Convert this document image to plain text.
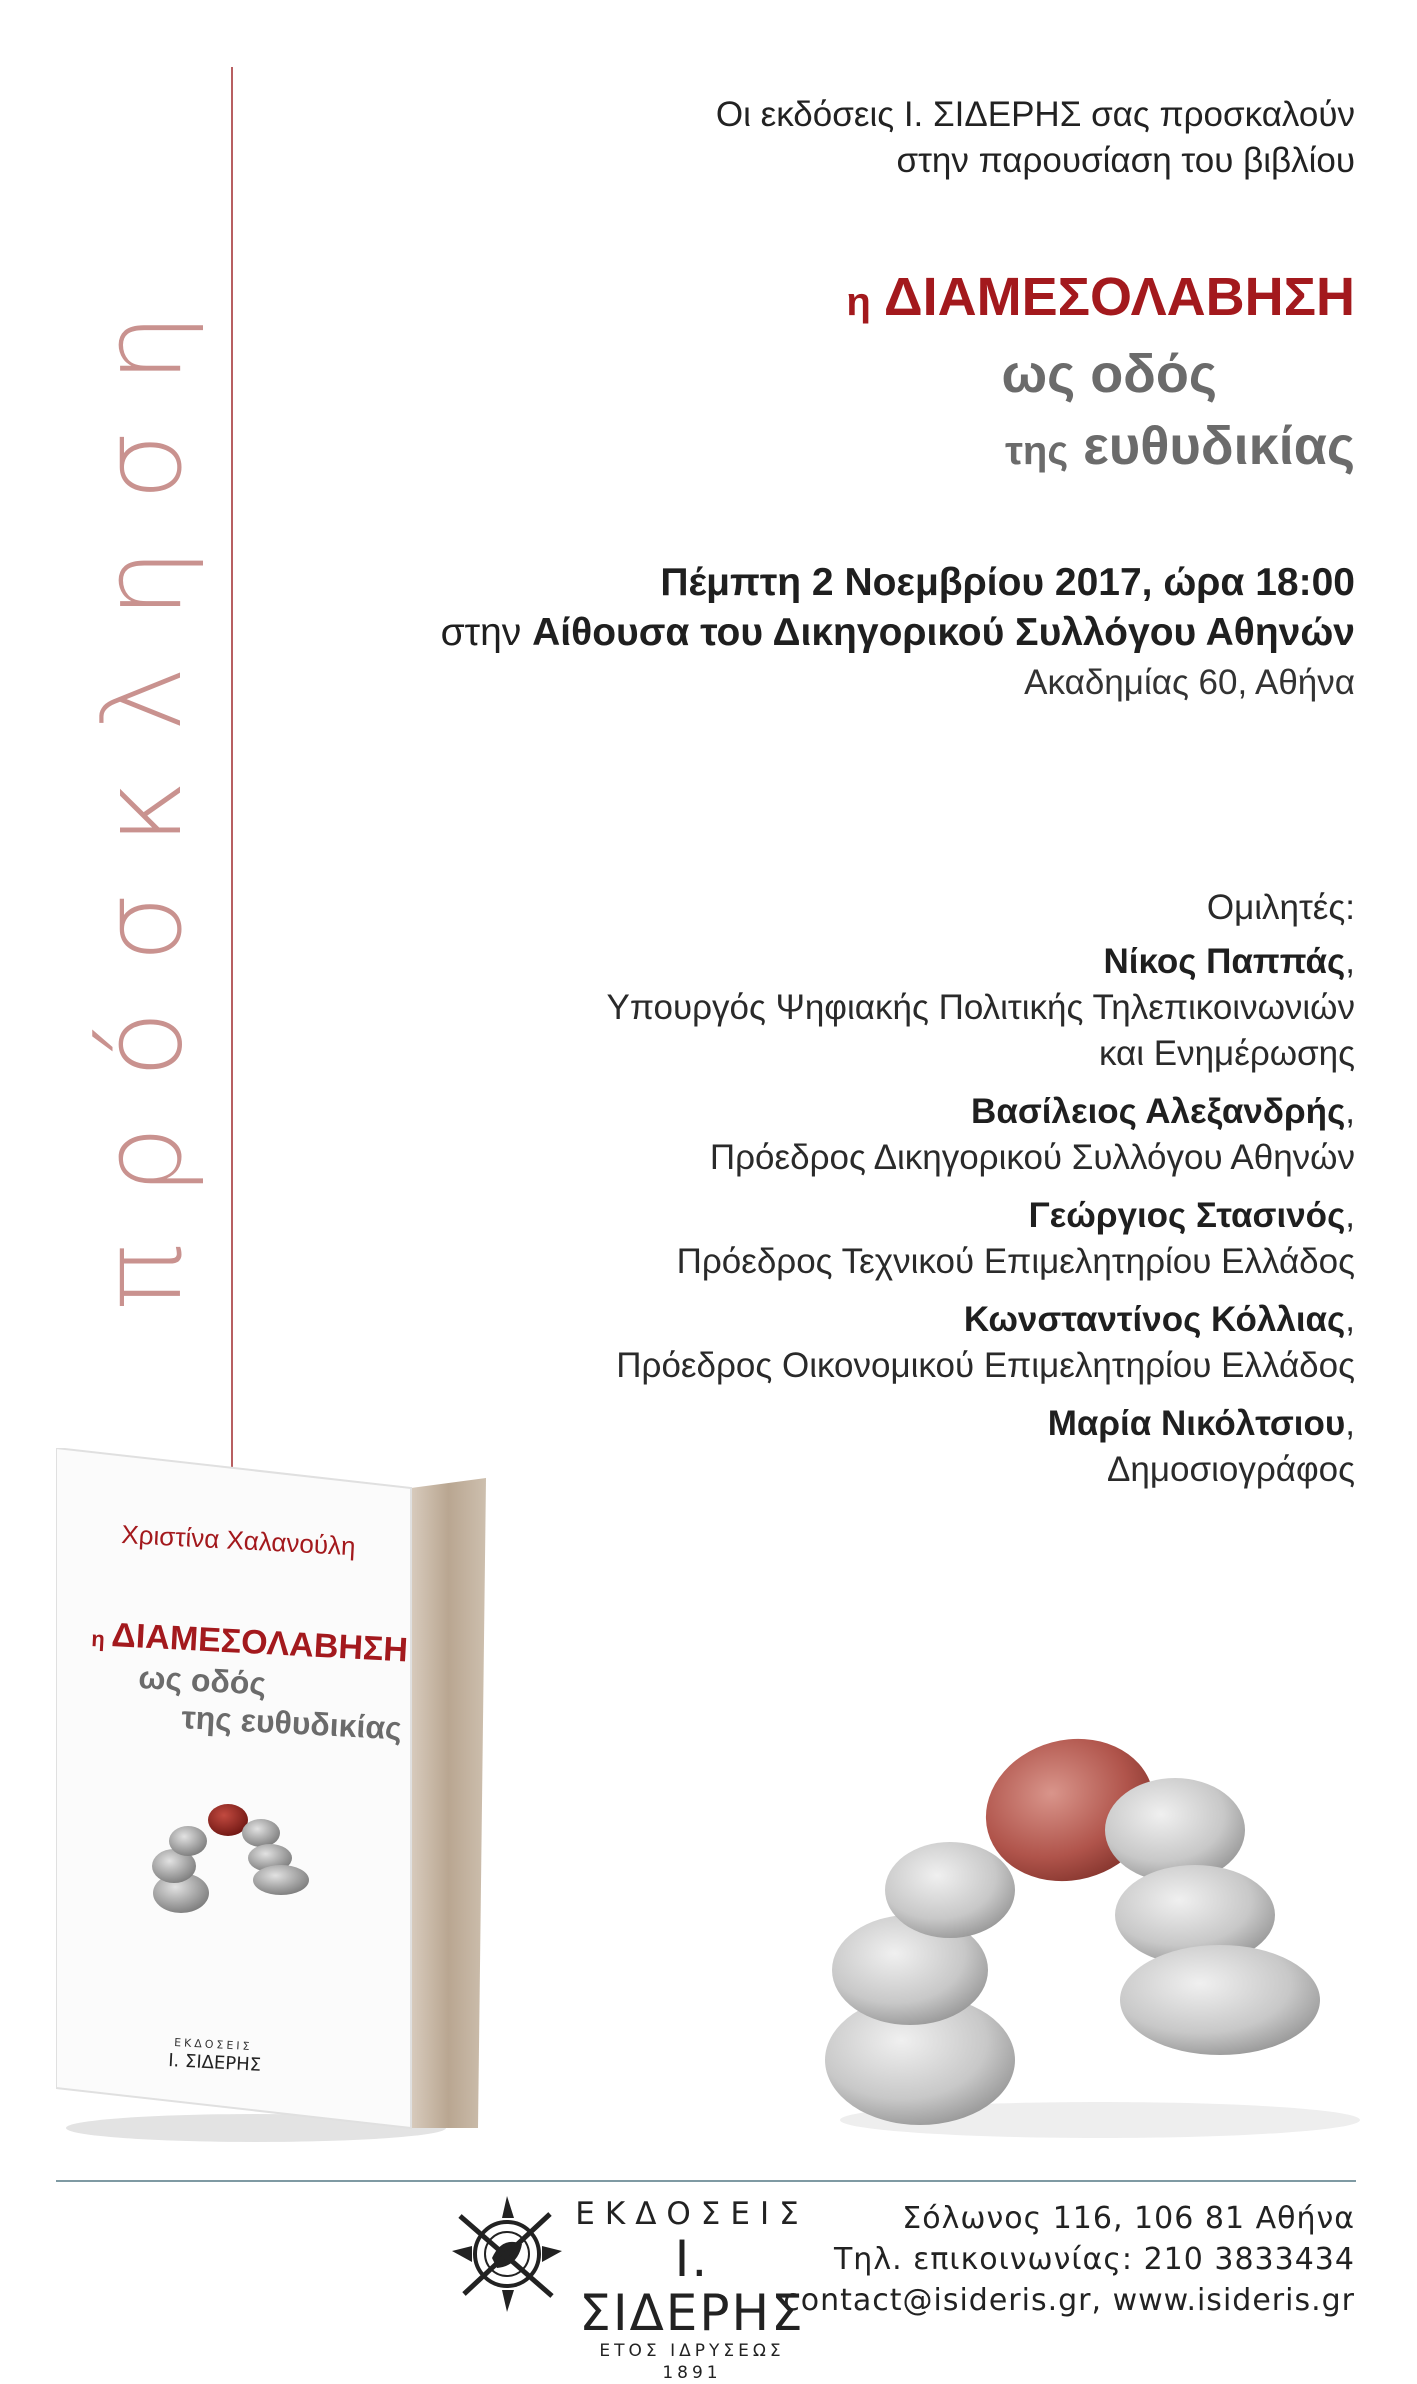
πρόσκληση
Οι εκδόσεις Ι. ΣΙΔΕΡΗΣ σας προσκαλούν
στην παρουσίαση του βιβλίου
η ΔΙΑΜΕΣΟΛΑΒΗΣΗ
ως οδός
της ευθυδικίας
Πέμπτη 2 Νοεμβρίου 2017, ώρα 18:00
στην Αίθουσα του Δικηγορικού Συλλόγου Αθηνών
Ακαδημίας 60, Αθήνα
Ομιλητές:
Νίκος Παππάς,
Υπουργός Ψηφιακής Πολιτικής Τηλεπικοινωνιών
και Ενημέρωσης
Βασίλειος Αλεξανδρής,
Πρόεδρος Δικηγορικού Συλλόγου Αθηνών
Γεώργιος Στασινός,
Πρόεδρος Τεχνικού Επιμελητηρίου Ελλάδος
Κωνσταντίνος Κόλλιας,
Πρόεδρος Οικονομικού Επιμελητηρίου Ελλάδος
Μαρία Νικόλτσιου,
Δημοσιογράφος
Χριστίνα Χαλανούλη
η ΔΙΑΜΕΣΟΛΑΒΗΣΗ
ως οδός
της ευθυδικίας
ΕΚΔΟΣΕΙΣ
Ι. ΣΙΔΕΡΗΣ
ΕΚΔΟΣΕΙΣ
Ι. ΣΙΔΕΡΗΣ
ΕΤΟΣ ΙΔΡΥΣΕΩΣ 1891
Σόλωνος 116, 106 81 Αθήνα
Τηλ. επικοινωνίας: 210 3833434
contact@isideris.gr, www.isideris.gr
